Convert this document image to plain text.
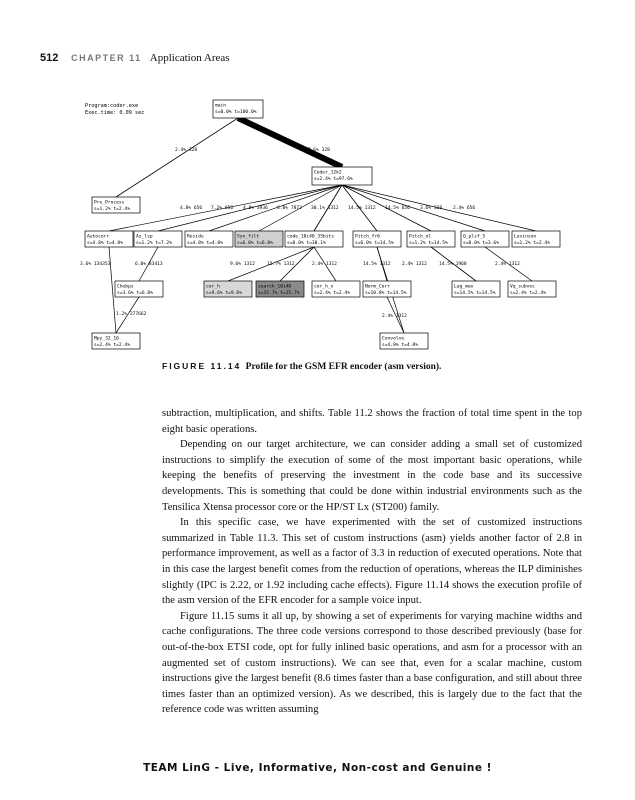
512 CHAPTER 11 Application Areas
Program:coder.exe
Exec.time: 0.09 sec
main
s=0.0% t=100.0%
Coder_12k2
s=2.4% t=97.6%
Pre_Process
s=1.2% t=2.4%
Autocorr
s=4.8% t=4.8%
Az_lsp
s=1.2% t=7.2%
Residu
s=4.8% t=4.8%
Syn_filt
s=6.0% t=6.0%
code_10i40_35bits
s=0.0% t=30.1%
Pitch_fr6
s=6.0% t=14.5%
Pitch_ol
s=1.2% t=14.5%
Q_plsf_5
s=0.0% t=3.6%
Levinson
s=1.2% t=2.4%
Chebps
s=3.6% t=6.0%
cor_h
s=9.6% t=9.6%
search_10i40
s=15.7% t=15.7%
cor_h_x
s=2.4% t=2.4%
Norm_Corr
s=10.8% t=14.5%
Lag_max
s=14.5% t=14.5%
Vq_subvec
s=2.4% t=2.4%
Mpy_32_16
s=2.4% t=2.4%
Convolve
s=4.8% t=4.8%
2.4% 328	97.6% 328
4.8% 656 7.2% 656 4.8% 3936 6.0% 7872 30.1% 1312 14.5% 1312 14.5% 656 3.6% 328 2.4% 656
3.6% 134353	6.0% 83413	9.6% 1312	15.7% 1312	2.4% 1312	14.5% 1312 2.4% 1312	14.5% 1968	2.4% 1312
1.2% 277662	2.4% 1312
FIGURE 11.14 Profile for the GSM EFR encoder (asm version).

subtraction, multiplication, and shifts. Table 11.2 shows the fraction of total time spent in the top eight basic operations.

Depending on our target architecture, we can consider adding a small set of customized instructions to simplify the execution of some of the most important basic operations, while keeping the benefits of preserving the investment in the code base and its successive developments. This is something that could be done within industrial environments such as the Tensilica Xtensa processor core or the HP/ST Lx (ST200) family.

In this specific case, we have experimented with the set of customized instructions summarized in Table 11.3. This set of custom instructions (asm) yields another factor of 2.8 in performance improvement, as well as a factor of 3.3 in reduction of executed operations. Note that in this case the largest benefit comes from the reduction of operations, whereas the ILP diminishes slightly (IPC is 2.22, or 1.92 including cache effects). Figure 11.14 shows the execution profile of the asm version of the EFR encoder for a sample voice input.

Figure 11.15 sums it all up, by showing a set of experiments for varying machine widths and cache configurations. The three code versions correspond to those described previously (base for out-of-the-box ETSI code, opt for fully inlined basic operations, and asm for a processor with an augmented set of custom instructions). We can see that, even for a scalar machine, custom instructions give the largest benefit (8.6 times faster than a base configuration, and still about three times faster than an optimized version). As we described, this is largely due to the fact that the reference code was written assuming

TEAM LinG - Live, Informative, Non-cost and Genuine !
